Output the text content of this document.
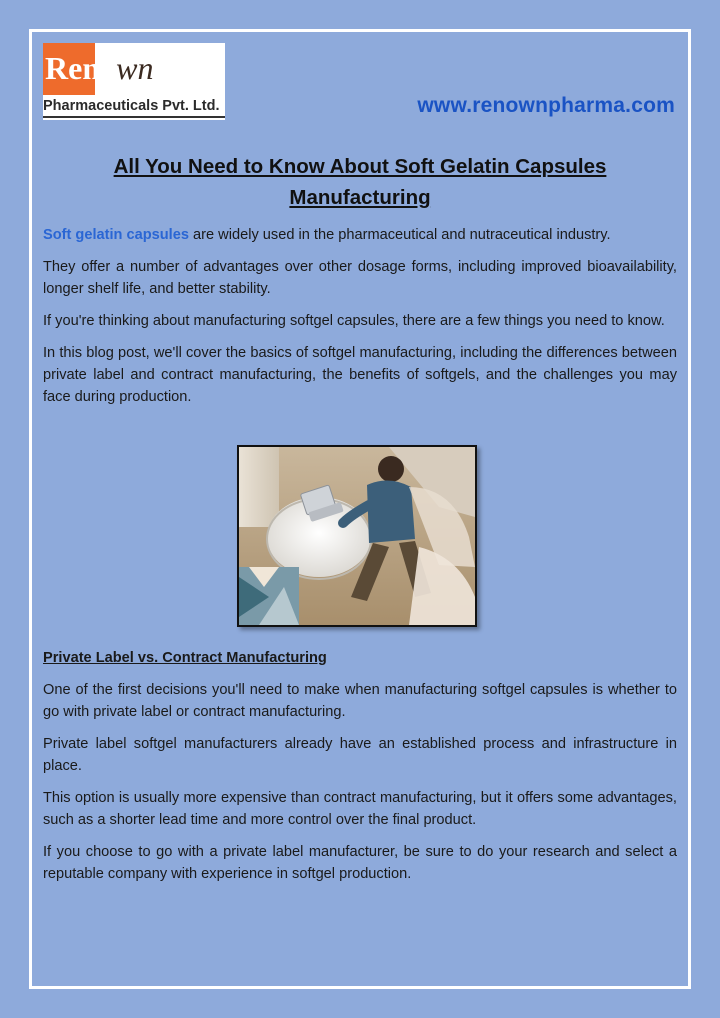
Renown
Pharmaceuticals Pvt. Ltd.	www.renownpharma.com
All You Need to Know About Soft Gelatin Capsules Manufacturing

Soft gelatin capsules are widely used in the pharmaceutical and nutraceutical industry.

They offer a number of advantages over other dosage forms, including improved bioavailability, longer shelf life, and better stability.

If you're thinking about manufacturing softgel capsules, there are a few things you need to know.

In this blog post, we'll cover the basics of softgel manufacturing, including the differences between private label and contract manufacturing, the benefits of softgels, and the challenges you may face during production.

Private Label vs. Contract Manufacturing

One of the first decisions you'll need to make when manufacturing softgel capsules is whether to go with private label or contract manufacturing.

Private label softgel manufacturers already have an established process and infrastructure in place.

This option is usually more expensive than contract manufacturing, but it offers some advantages, such as a shorter lead time and more control over the final product.

If you choose to go with a private label manufacturer, be sure to do your research and select a reputable company with experience in softgel production.
